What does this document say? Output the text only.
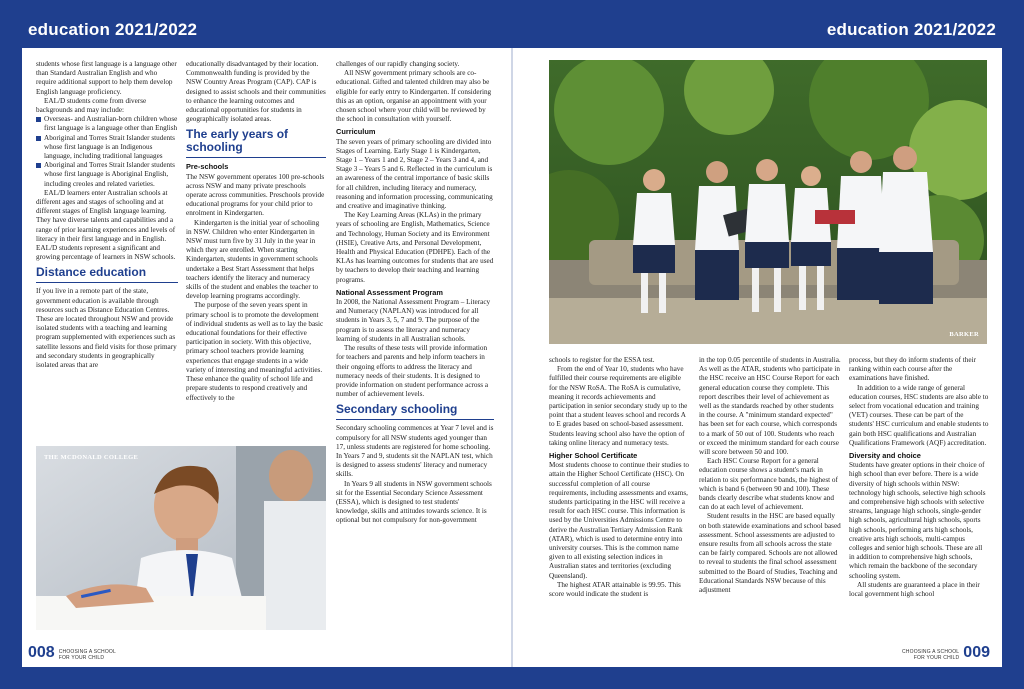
education 2021/2022	education 2021/2022

students whose first language is a language other than Standard Australian English and who require additional support to help them develop English language proficiency.

EAL/D students come from diverse backgrounds and may include:

Overseas- and Australian-born children whose first language is a language other than English
Aboriginal and Torres Strait Islander students whose first language is an Indigenous language, including traditional languages
Aboriginal and Torres Strait Islander students whose first language is Aboriginal English, including creoles and related varieties.

EAL/D learners enter Australian schools at different ages and stages of schooling and at different stages of English language learning. They have diverse talents and capabilities and a range of prior learning experiences and levels of literacy in their first language and in English. EAL/D students represent a significant and growing percentage of learners in NSW schools.

Distance education

If you live in a remote part of the state, government education is available through resources such as Distance Education Centres. These are located throughout NSW and provide isolated students with a teaching and learning program supplemented with experiences such as satellite lessons and field visits for those primary and secondary students in geographically isolated areas that are

educationally disadvantaged by their location. Commonwealth funding is provided by the NSW Country Areas Program (CAP). CAP is designed to assist schools and their communities to enhance the learning outcomes and educational opportunities for students in geographically isolated areas.

The early years of schooling
Pre-schools

The NSW government operates 100 pre-schools across NSW and many private preschools operate across communities. Preschools provide educational programs for your child prior to enrolment in Kindergarten.

Kindergarten is the initial year of schooling in NSW. Children who enter Kindergarten in NSW must turn five by 31 July in the year in which they are enrolled. When starting Kindergarten, students in government schools undertake a Best Start Assessment that helps teachers identify the literacy and numeracy skills of the student and enables the teacher to develop learning programs accordingly.

The purpose of the seven years spent in primary school is to promote the development of individual students as well as to lay the basic educational foundations for their effective participation in society. With this objective, primary school teachers provide learning experiences that engage students in a wide variety of interesting and meaningful activities. These enhance the quality of school life and prepare students to respond creatively and effectively to the

challenges of our rapidly changing society.

All NSW government primary schools are co-educational. Gifted and talented children may also be eligible for early entry to Kindergarten. If considering this as an option, organise an appointment with your chosen school where your child will be reviewed by the school in consultation with yourself.

Curriculum

The seven years of primary schooling are divided into Stages of Learning. Early Stage 1 is Kindergarten, Stage 1 – Years 1 and 2, Stage 2 – Years 3 and 4, and Stage 3 – Years 5 and 6. Reflected in the curriculum is an awareness of the central importance of basic skills for all children, including literacy and numeracy, reasoning and information processing, communicating and creative and imaginative thinking.

The Key Learning Areas (KLAs) in the primary years of schooling are English, Mathematics, Science and Technology, Human Society and its Environment (HSIE), Creative Arts, and Personal Development, Health and Physical Education (PDHPE). Each of the KLAs has learning outcomes for students that are used by teachers to develop their teaching and learning programs.

National Assessment Program

In 2008, the National Assessment Program – Literacy and Numeracy (NAPLAN) was introduced for all students in Years 3, 5, 7 and 9. The purpose of the program is to assess the literacy and numeracy learning of students in all Australian schools.

The results of these tests will provide information for teachers and parents and help inform teachers in their ongoing efforts to address the literacy and numeracy needs of their students. It is designed to provide information on student performance across a number of achievement levels.

Secondary schooling

Secondary schooling commences at Year 7 level and is compulsory for all NSW students aged younger than 17, unless students are registered for home schooling. In Years 7 and 9, students sit the NAPLAN test, which is designed to assess students' literacy and numeracy skills.

In Years 9 all students in NSW government schools sit for the Essential Secondary Science Assessment (ESSA), which is designed to test students' knowledge, skills and attitudes towards science. It is optional but not compulsory for non-government

THE MCDONALD COLLEGE
008 CHOOSING A SCHOOL
FOR YOUR CHILD
BARKER

schools to register for the ESSA test.

From the end of Year 10, students who have fulfilled their course requirements are eligible for the NSW RoSA. The RoSA is cumulative, meaning it records achievements and participation in senior secondary study up to the point that a student leaves school and records A to E grades based on school-based assessment. Students leaving school also have the option of taking online literacy and numeracy tests.

Higher School Certificate

Most students choose to continue their studies to attain the Higher School Certificate (HSC). On successful completion of all course requirements, including assessments and exams, students participating in the HSC will receive a result for each HSC course. This information is used by the Universities Admissions Centre to derive the Australian Tertiary Admission Rank (ATAR), which is used to determine entry into university courses. This is the common name given to all existing selection indices in Australian states and territories (excluding Queensland).

The highest ATAR attainable is 99.95. This score would indicate the student is

in the top 0.05 percentile of students in Australia. As well as the ATAR, students who participate in the HSC receive an HSC Course Report for each general education course they complete. This report describes their level of achievement as well as the standards reached by other students in the course. A "minimum standard expected" has been set for each course, which corresponds to a mark of 50 out of 100. Students who reach or exceed the minimum standard for each course will score between 50 and 100.

Each HSC Course Report for a general education course shows a student's mark in relation to six performance bands, the highest of which is band 6 (between 90 and 100). These bands clearly describe what students know and can do at each level of achievement.

Student results in the HSC are based equally on both statewide examinations and school based assessment. School assessments are adjusted to ensure results from all schools across the state can be fairly compared. Schools are not allowed to reveal to students the final school assessment submitted to the Board of Studies, Teaching and Educational Standards NSW because of this adjustment

process, but they do inform students of their ranking within each course after the examinations have finished.

In addition to a wide range of general education courses, HSC students are also able to select from vocational education and training (VET) courses. These can be part of the students' HSC curriculum and enable students to gain both HSC qualifications and Australian Qualifications Framework (AQF) accreditation.

Diversity and choice

Students have greater options in their choice of high school than ever before. There is a wide diversity of high schools within NSW: technology high schools, selective high schools and comprehensive high schools with selective streams, language high schools, single-gender high schools, agricultural high schools, sports high schools, performing arts high schools, creative arts high schools, multi-campus colleges and senior high schools. These are all in addition to comprehensive high schools, which remain the backbone of the secondary schooling system.

All students are guaranteed a place in their local government high school

CHOOSING A SCHOOL
FOR YOUR CHILD 009
